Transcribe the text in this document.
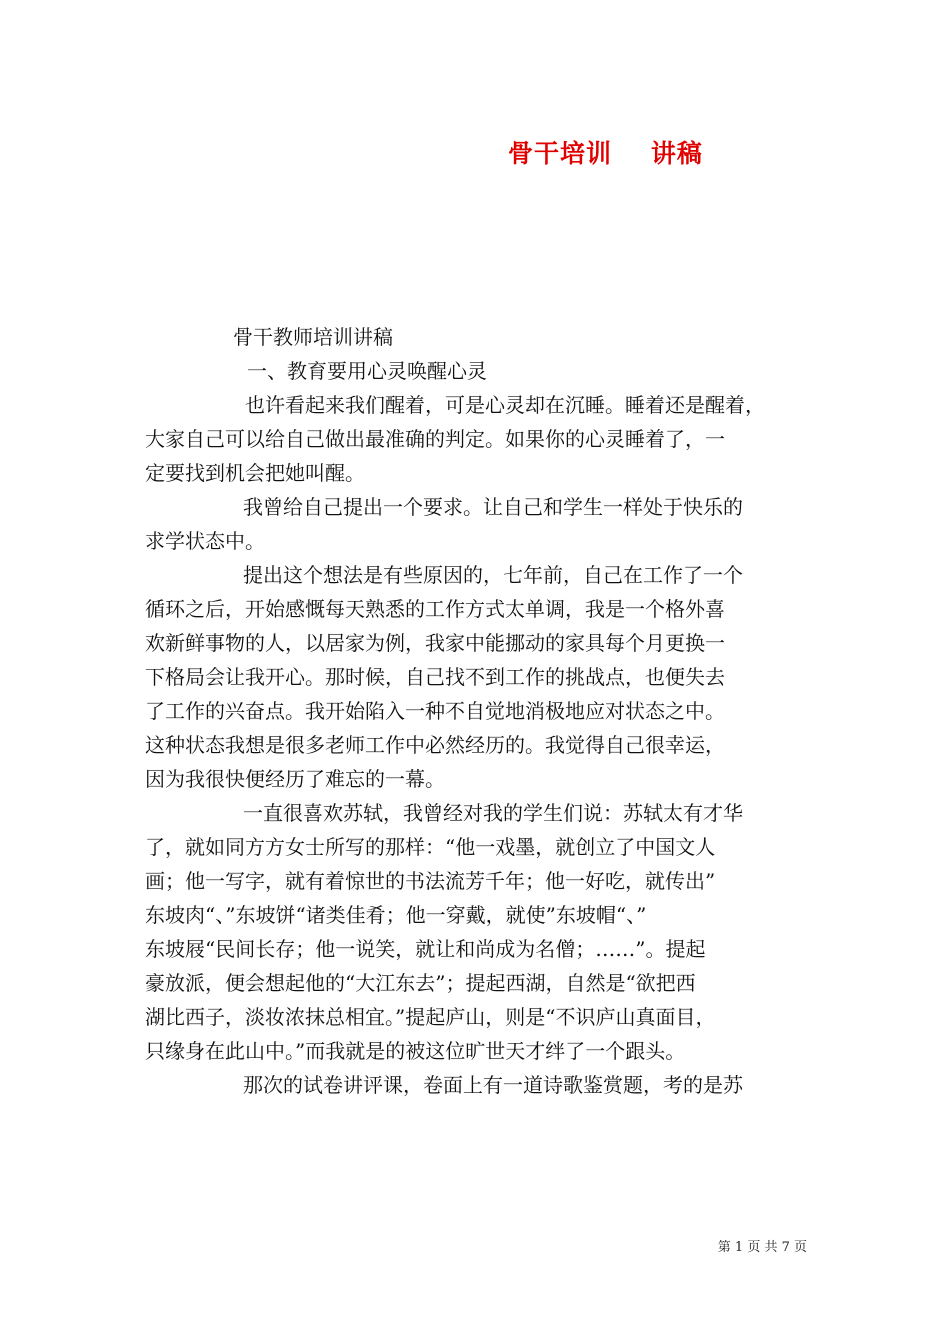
骨干培训    讲稿

骨干教师培训讲稿

一、教育要用心灵唤醒心灵

也许看起来我们醒着，可是心灵却在沉睡。睡着还是醒着，

大家自己可以给自己做出最准确的判定。如果你的心灵睡着了，一

定要找到机会把她叫醒。

我曾给自己提出一个要求。让自己和学生一样处于快乐的

求学状态中。

提出这个想法是有些原因的，七年前，自己在工作了一个

循环之后，开始感慨每天熟悉的工作方式太单调，我是一个格外喜

欢新鲜事物的人，以居家为例，我家中能挪动的家具每个月更换一

下格局会让我开心。那时候，自己找不到工作的挑战点，也便失去

了工作的兴奋点。我开始陷入一种不自觉地消极地应对状态之中。

这种状态我想是很多老师工作中必然经历的。我觉得自己很幸运，

因为我很快便经历了难忘的一幕。

一直很喜欢苏轼，我曾经对我的学生们说：苏轼太有才华

了，就如同方方女士所写的那样：“他一戏墨，就创立了中国文人

画；他一写字，就有着惊世的书法流芳千年；他一好吃，就传出”

东坡肉“、”东坡饼“诸类佳肴；他一穿戴，就使”东坡帽“、”

东坡屐“民间长存；他一说笑，就让和尚成为名僧；……”。提起

豪放派，便会想起他的“大江东去”；提起西湖，自然是“欲把西

湖比西子，淡妆浓抹总相宜。”提起庐山，则是“不识庐山真面目，

只缘身在此山中。”而我就是的被这位旷世天才绊了一个跟头。

那次的试卷讲评课，卷面上有一道诗歌鉴赏题，考的是苏

第 1 页 共 7 页
